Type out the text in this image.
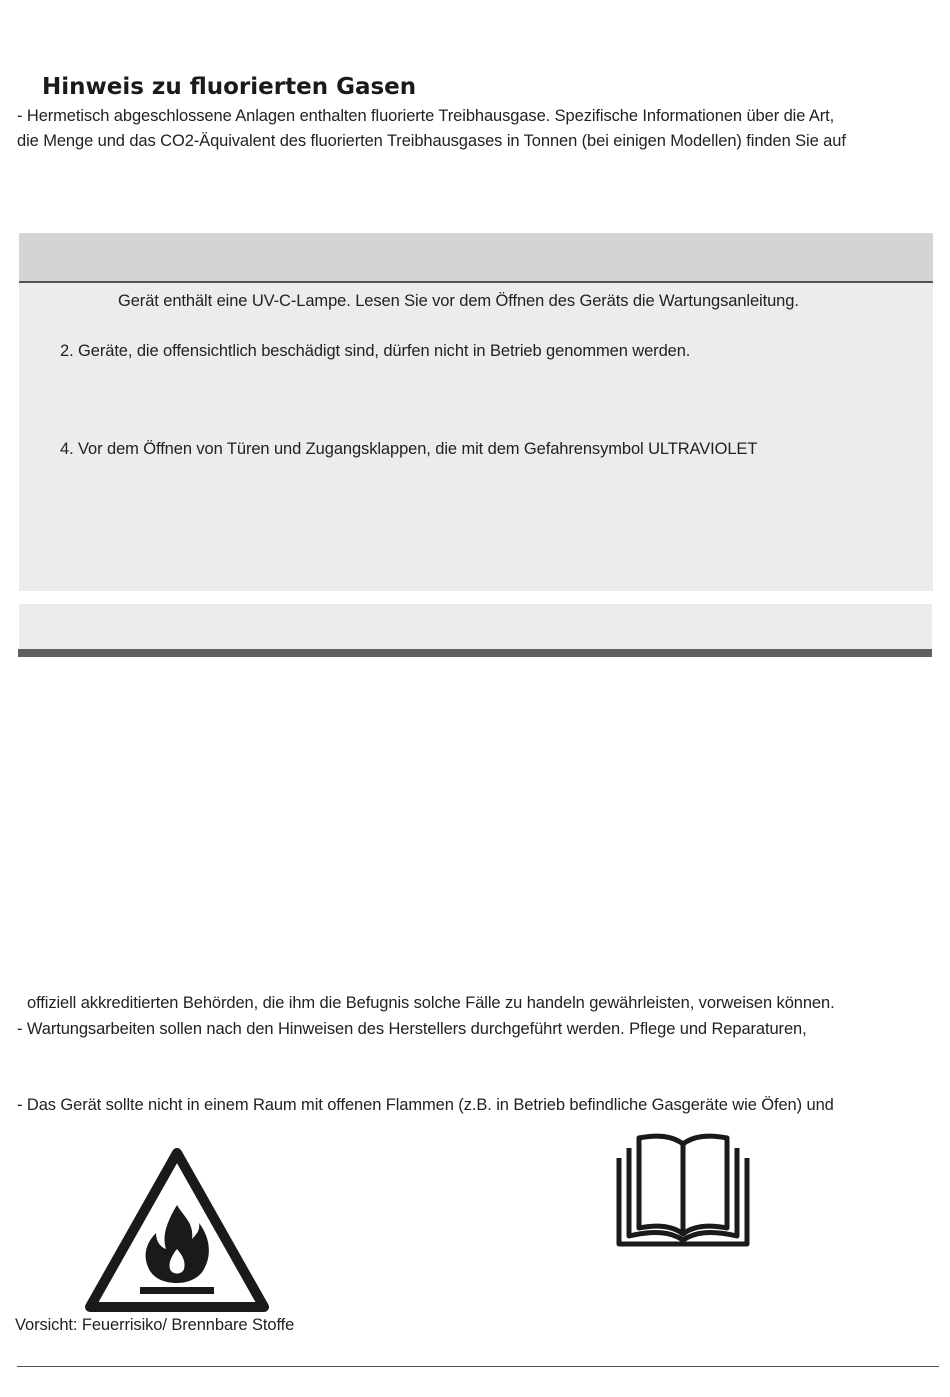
Hinweis zu fluorierten Gasen
- Hermetisch abgeschlossene Anlagen enthalten fluorierte Treibhausgase. Spezifische Informationen über die Art,
die Menge und das CO2-Äquivalent des fluorierten Treibhausgases in Tonnen (bei einigen Modellen) finden Sie auf
Gerät enthält eine UV-C-Lampe. Lesen Sie vor dem Öffnen des Geräts die Wartungsanleitung.
2. Geräte, die offensichtlich beschädigt sind, dürfen nicht in Betrieb genommen werden.
4. Vor dem Öffnen von Türen und Zugangsklappen, die mit dem Gefahrensymbol ULTRAVIOLET
offiziell akkreditierten Behörden, die ihm die Befugnis solche Fälle zu handeln gewährleisten, vorweisen können.
- Wartungsarbeiten sollen nach den Hinweisen des Herstellers durchgeführt werden. Pflege und Reparaturen,
- Das Gerät sollte nicht in einem Raum mit offenen Flammen (z.B. in Betrieb befindliche Gasgeräte wie Öfen) und
Vorsicht: Feuerrisiko/ Brennbare Stoffe
